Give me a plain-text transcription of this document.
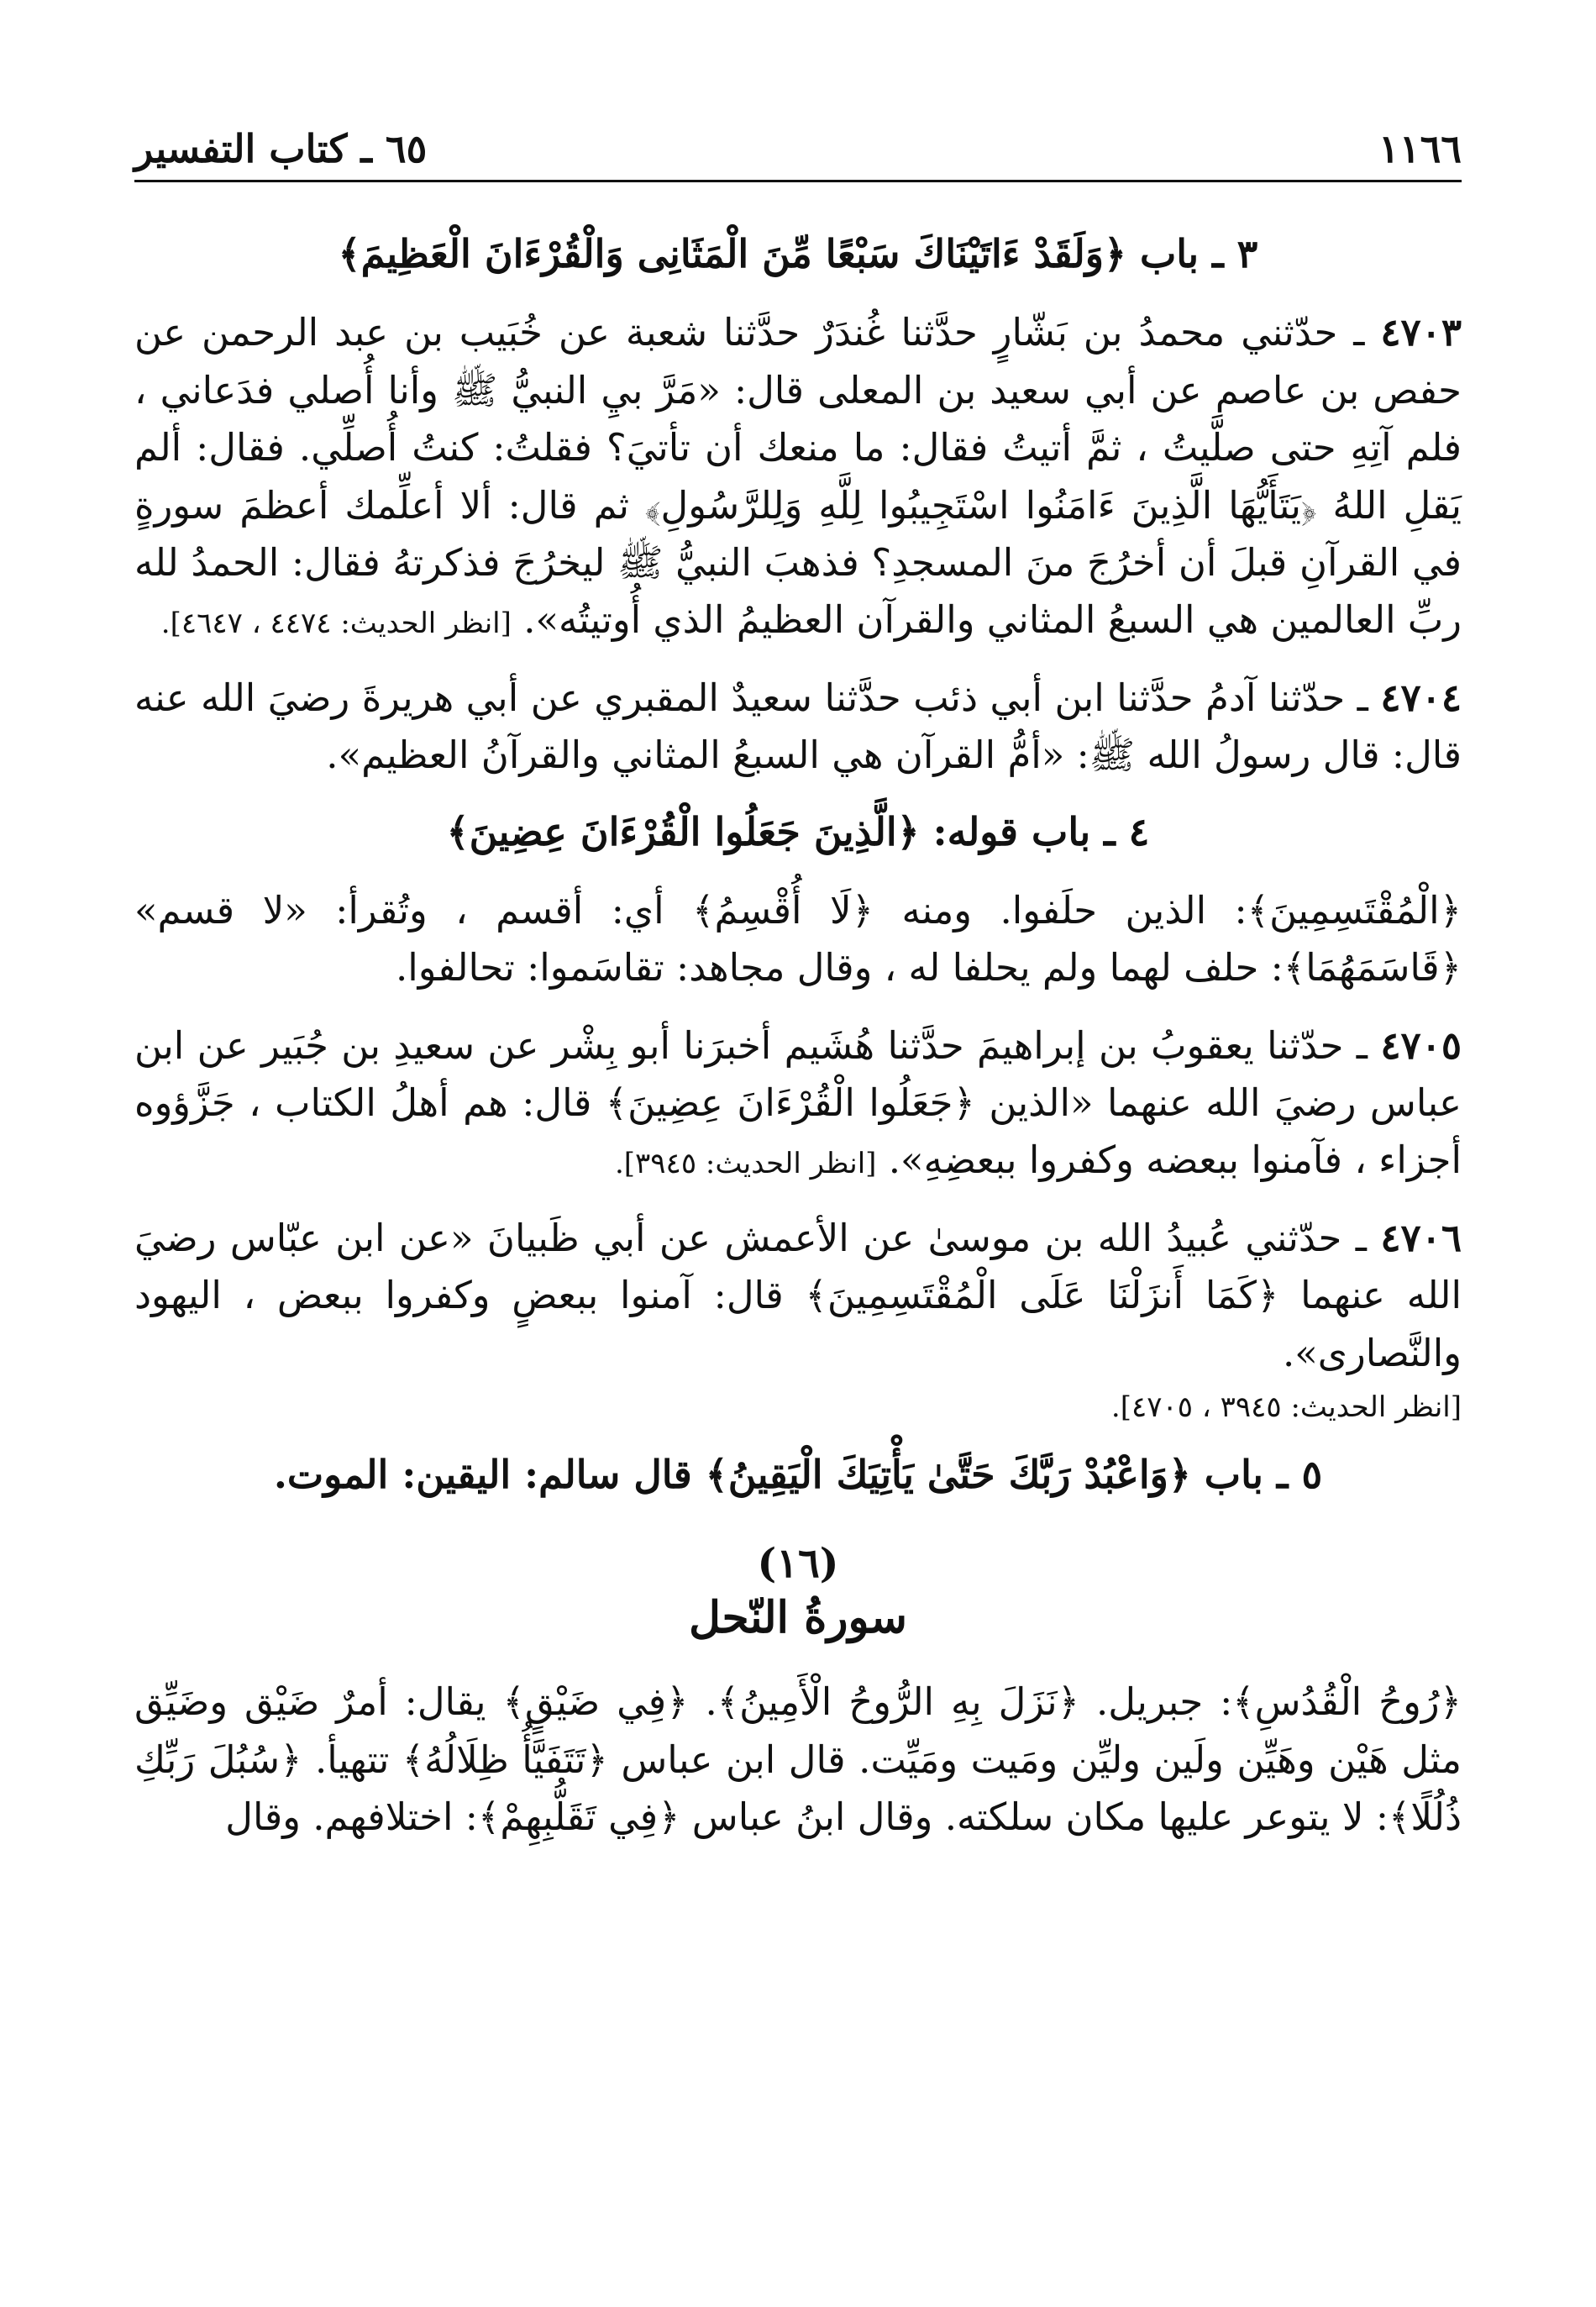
١١٦٦
٦٥ ـ كتاب التفسير
٣ ـ باب ﴿وَلَقَدْ ءَاتَيْنَاكَ سَبْعًا مِّنَ الْمَثَانِى وَالْقُرْءَانَ الْعَظِيمَ﴾

٤٧٠٣ ـ حدّثني محمدُ بن بَشّارٍ حدَّثنا غُندَرٌ حدَّثنا شعبة عن خُبَيب بن عبد الرحمن عن حفص بن عاصم عن أبي سعيد بن المعلى قال: «مَرَّ بيِ النبيُّ ﷺ وأنا أُصلي فدَعاني ، فلم آتِهِ حتى صلَّيتُ ، ثمَّ أتيتُ فقال: ما منعك أن تأتيَ؟ فقلتُ: كنتُ أُصلِّي. فقال: ألم يَقلِ اللهُ ﴿يَتَأَيُّهَا الَّذِينَ ءَامَنُوا اسْتَجِيبُوا لِلَّهِ وَلِلرَّسُولِ﴾ ثم قال: ألا أعلِّمك أعظمَ سورةٍ في القرآنِ قبلَ أن أخرُجَ منَ المسجدِ؟ فذهبَ النبيُّ ﷺ ليخرُجَ فذكرتهُ فقال: الحمدُ لله ربِّ العالمين هي السبعُ المثاني والقرآن العظيمُ الذي أُوتيتُه». [انظر الحديث: ٤٤٧٤ ، ٤٦٤٧].

٤٧٠٤ ـ حدّثنا آدمُ حدَّثنا ابن أبي ذئب حدَّثنا سعيدٌ المقبري عن أبي هريرةَ رضيَ الله عنه قال: قال رسولُ الله ﷺ: «أمُّ القرآن هي السبعُ المثاني والقرآنُ العظيم».

٤ ـ باب قوله: ﴿الَّذِينَ جَعَلُوا الْقُرْءَانَ عِضِينَ﴾

﴿الْمُقْتَسِمِينَ﴾: الذين حلَفوا. ومنه ﴿لَا أُقْسِمُ﴾ أي: أقسم ، وتُقرأ: «لا قسم» ﴿قَاسَمَهُمَا﴾: حلف لهما ولم يحلفا له ، وقال مجاهد: تقاسَموا: تحالفوا.

٤٧٠٥ ـ حدّثنا يعقوبُ بن إبراهيمَ حدَّثنا هُشَيم أخبرَنا أبو بِشْر عن سعيدِ بن جُبَير عن ابن عباس رضيَ الله عنهما «الذين ﴿جَعَلُوا الْقُرْءَانَ عِضِينَ﴾ قال: هم أهلُ الكتاب ، جَزَّؤوه أجزاء ، فآمنوا ببعضه وكفروا ببعضِهِ». [انظر الحديث: ٣٩٤٥].

٤٧٠٦ ـ حدّثني عُبيدُ الله بن موسىٰ عن الأعمش عن أبي ظَبيانَ «عن ابن عبّاس رضيَ الله عنهما ﴿كَمَا أَنزَلْنَا عَلَى الْمُقْتَسِمِينَ﴾ قال: آمنوا ببعضٍ وكفروا ببعض ، اليهود والنَّصارى».

[انظر الحديث: ٣٩٤٥ ، ٤٧٠٥].
٥ ـ باب ﴿وَاعْبُدْ رَبَّكَ حَتَّىٰ يَأْتِيَكَ الْيَقِينُ﴾ قال سالم: اليقين: الموت.
(١٦)
سورةُ النّحل

﴿رُوحُ الْقُدُسِ﴾: جبريل. ﴿نَزَلَ بِهِ الرُّوحُ الْأَمِينُ﴾. ﴿فِي ضَيْقٍ﴾ يقال: أمرٌ ضَيْق وضَيِّق مثل هَيْن وهَيِّن ولَين وليِّن ومَيت ومَيِّت. قال ابن عباس ﴿تَتَفَيَّأُ ظِلَالُهُ﴾ تتهيأ. ﴿سُبُلَ رَبِّكِ ذُلُلًا﴾: لا يتوعر عليها مكان سلكته. وقال ابنُ عباس ﴿فِي تَقَلُّبِهِمْ﴾: اختلافهم. وقال
